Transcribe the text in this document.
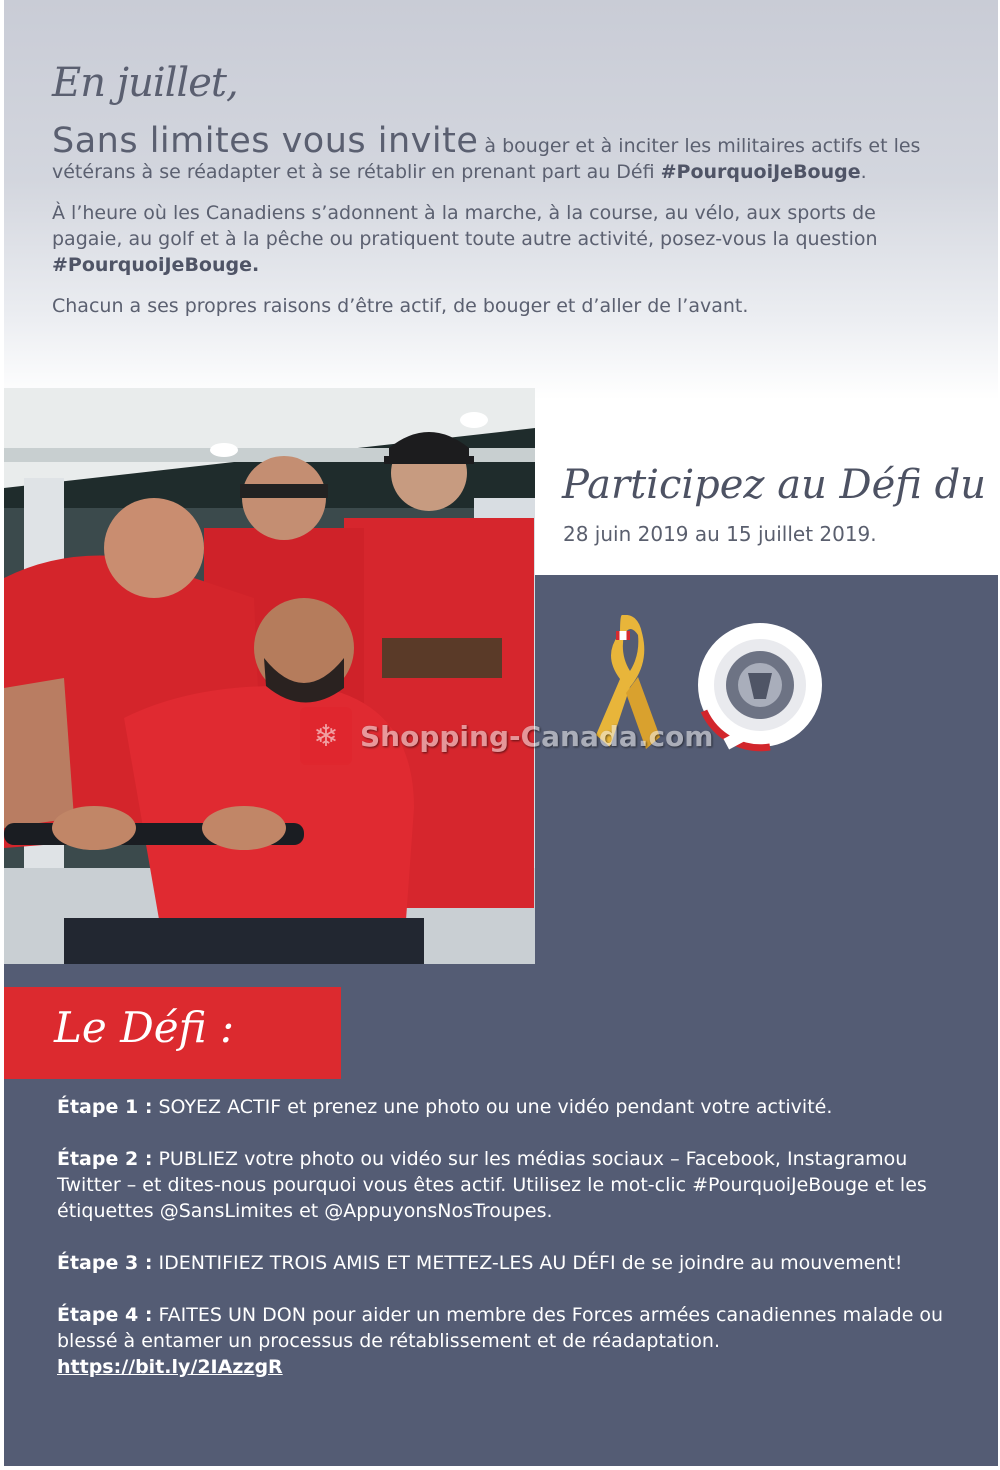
En juillet,

Sans limites vous invite à bouger et à inciter les militaires actifs et les vétérans à se réadapter et à se rétablir en prenant part au Défi #PourquoiJeBouge.

À l’heure où les Canadiens s’adonnent à la marche, à la course, au vélo, aux sports de pagaie, au golf et à la pêche ou pratiquent toute autre activité, posez-vous la question #PourquoiJeBouge.

Chacun a ses propres raisons d’être actif, de bouger et d’aller de l’avant.

Participez au Défi du
28 juin 2019 au 15 juillet 2019.
❄ Shopping-Canada.com
Le Défi :

Étape 1 : SOYEZ ACTIF et prenez une photo ou une vidéo pendant votre activité.

Étape 2 : PUBLIEZ votre photo ou vidéo sur les médias sociaux – Facebook, Instagramou Twitter – et dites-nous pourquoi vous êtes actif. Utilisez le mot-clic #PourquoiJeBouge et les étiquettes @SansLimites et @AppuyonsNosTroupes.

Étape 3 : IDENTIFIEZ TROIS AMIS ET METTEZ-LES AU DÉFI de se joindre au mouvement!

Étape 4 : FAITES UN DON pour aider un membre des Forces armées canadiennes malade ou blessé à entamer un processus de rétablissement et de réadaptation.
https://bit.ly/2IAzzgR
